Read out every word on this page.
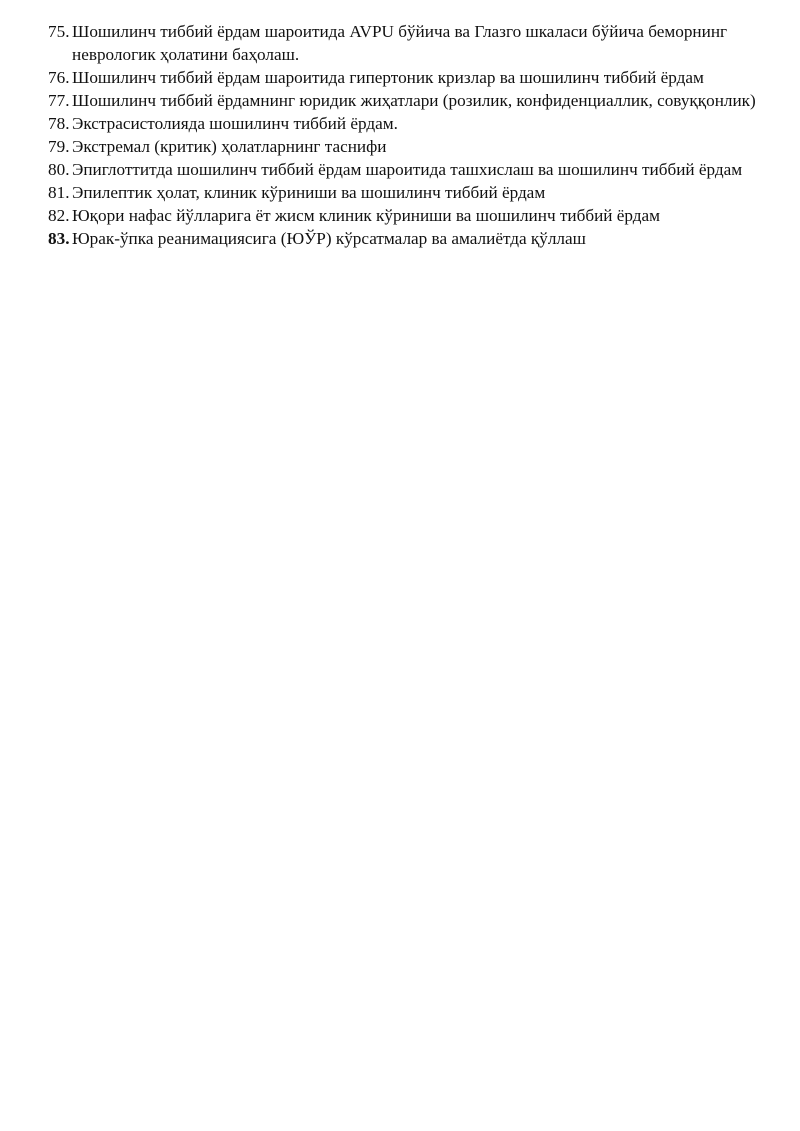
75. Шошилинч тиббий ёрдам шароитида AVPU бўйича ва Глазго шкаласи бўйича беморнинг неврологик ҳолатини баҳолаш.
76. Шошилинч тиббий ёрдам шароитида гипертоник кризлар ва шошилинч тиббий ёрдам
77. Шошилинч тиббий ёрдамнинг юридик жиҳатлари (розилик, конфиденциаллик, совуққонлик)
78. Экстрасистолияда шошилинч тиббий ёрдам.
79. Экстремал (критик) ҳолатларнинг таснифи
80. Эпиглоттитда шошилинч тиббий ёрдам шароитида ташхислаш ва шошилинч тиббий ёрдам
81. Эпилептик ҳолат, клиник кўриниши ва шошилинч тиббий ёрдам
82. Юқори нафас йўлларига ёт жисм клиник кўриниши ва шошилинч тиббий ёрдам
83. Юрак-ўпка реанимациясига (ЮЎР) кўрсатмалар ва амалиётда қўллаш
